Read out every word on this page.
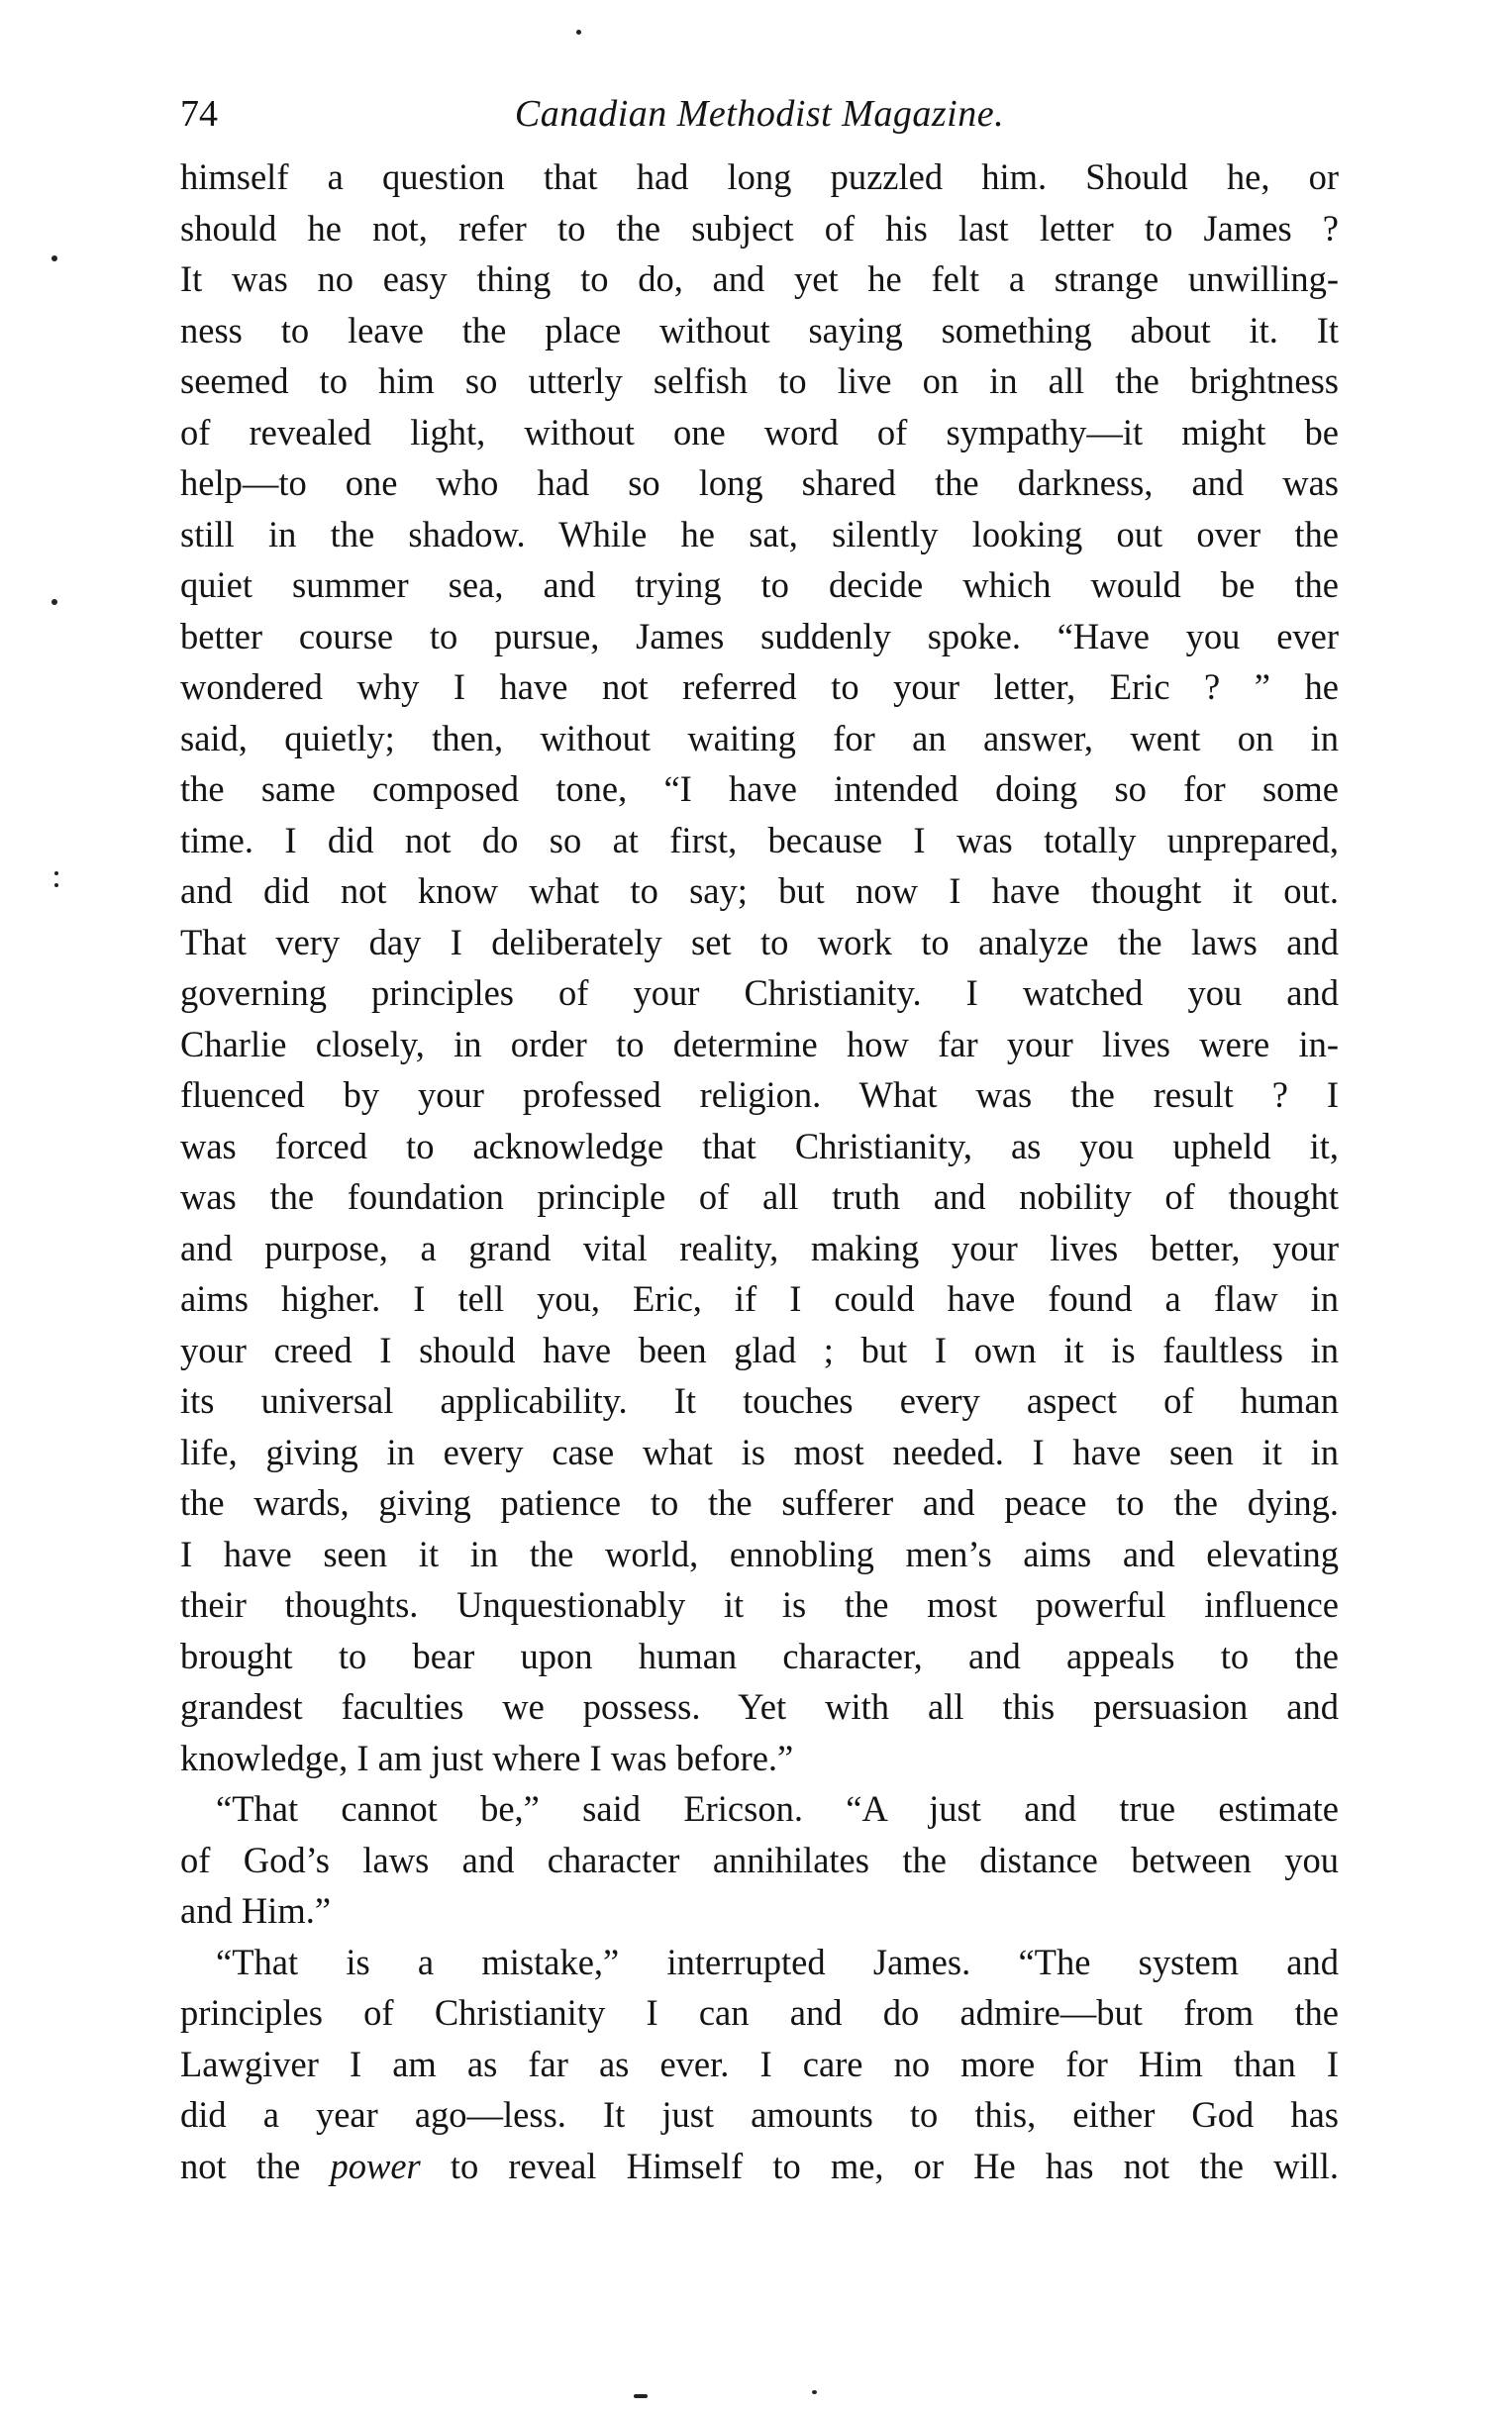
74	Canadian Methodist Magazine.
himself a question that had long puzzled him. Should he, or
should he not, refer to the subject of his last letter to James ?
It was no easy thing to do, and yet he felt a strange unwilling-
ness to leave the place without saying something about it. It
seemed to him so utterly selfish to live on in all the brightness
of revealed light, without one word of sympathy—it might be
help—to one who had so long shared the darkness, and was
still in the shadow. While he sat, silently looking out over the
quiet summer sea, and trying to decide which would be the
better course to pursue, James suddenly spoke. “Have you ever
wondered why I have not referred to your letter, Eric ? ” he
said, quietly; then, without waiting for an answer, went on in
the same composed tone, “I have intended doing so for some
time. I did not do so at first, because I was totally unprepared,
and did not know what to say; but now I have thought it out.
That very day I deliberately set to work to analyze the laws and
governing principles of your Christianity. I watched you and
Charlie closely, in order to determine how far your lives were in-
fluenced by your professed religion. What was the result ? I
was forced to acknowledge that Christianity, as you upheld it,
was the foundation principle of all truth and nobility of thought
and purpose, a grand vital reality, making your lives better, your
aims higher. I tell you, Eric, if I could have found a flaw in
your creed I should have been glad ; but I own it is faultless in
its universal applicability. It touches every aspect of human
life, giving in every case what is most needed. I have seen it in
the wards, giving patience to the sufferer and peace to the dying.
I have seen it in the world, ennobling men’s aims and elevating
their thoughts. Unquestionably it is the most powerful influence
brought to bear upon human character, and appeals to the
grandest faculties we possess. Yet with all this persuasion and
knowledge, I am just where I was before.”
“That cannot be,” said Ericson. “A just and true estimate
of God’s laws and character annihilates the distance between you
and Him.”
“That is a mistake,” interrupted James. “The system and
principles of Christianity I can and do admire—but from the
Lawgiver I am as far as ever. I care no more for Him than I
did a year ago—less. It just amounts to this, either God has
not the power to reveal Himself to me, or He has not the will.
